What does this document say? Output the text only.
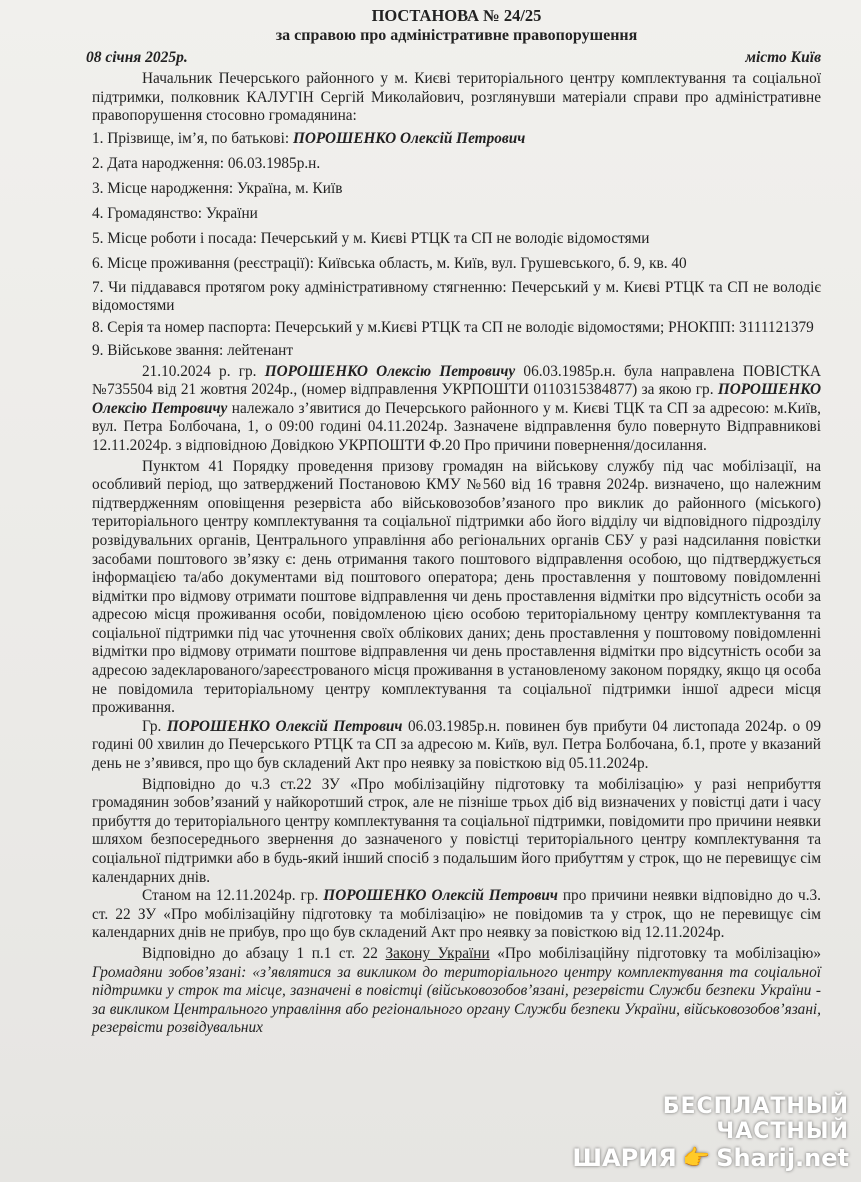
ПОСТАНОВА № 24/25

за справою про адміністративне правопорушення

08 січня 2025р.	місто Київ

Начальник Печерського районного у м. Києві територіального центру комплектування та соціальної підтримки, полковник КАЛУГІН Сергій Миколайович, розглянувши матеріали справи про адміністративне правопорушення стосовно громадянина:

1. Прізвище, ім’я, по батькові: ПОРОШЕНКО Олексій Петрович

2. Дата народження: 06.03.1985р.н.

3. Місце народження: Україна, м. Київ

4. Громадянство: України

5. Місце роботи і посада: Печерський у м. Києві РТЦК та СП не володіє відомостями

6. Місце проживання (реєстрації): Київська область, м. Київ, вул. Грушевського, б. 9, кв. 40

7. Чи піддавався протягом року адміністративному стягненню: Печерський у м. Києві РТЦК та СП не володіє відомостями

8. Серія та номер паспорта: Печерський у м.Києві РТЦК та СП не володіє відомостями; РНОКПП: 3111121379

9. Військове звання: лейтенант

21.10.2024 р. гр. ПОРОШЕНКО Олексію Петровичу 06.03.1985р.н. була направлена ПОВІСТКА №735504 від 21 жовтня 2024р., (номер відправлення УКРПОШТИ 0110315384877) за якою гр. ПОРОШЕНКО Олексію Петровичу належало з’явитися до Печерського районного у м. Києві ТЦК та СП за адресою: м.Київ, вул. Петра Болбочана, 1, о 09:00 годині 04.11.2024р. Зазначене відправлення було повернуто Відправникові 12.11.2024р. з відповідною Довідкою УКРПОШТИ Ф.20 Про причини повернення/досилання.

Пунктом 41 Порядку проведення призову громадян на військову службу під час мобілізації, на особливий період, що затверджений Постановою КМУ №560 від 16 травня 2024р. визначено, що належним підтвердженням оповіщення резервіста або військовозобов’язаного про виклик до районного (міського) територіального центру комплектування та соціальної підтримки або його відділу чи відповідного підрозділу розвідувальних органів, Центрального управління або регіональних органів СБУ у разі надсилання повістки засобами поштового зв’язку є: день отримання такого поштового відправлення особою, що підтверджується інформацією та/або документами від поштового оператора; день проставлення у поштовому повідомленні відмітки про відмову отримати поштове відправлення чи день проставлення відмітки про відсутність особи за адресою місця проживання особи, повідомленою цією особою територіальному центру комплектування та соціальної підтримки під час уточнення своїх облікових даних; день проставлення у поштовому повідомленні відмітки про відмову отримати поштове відправлення чи день проставлення відмітки про відсутність особи за адресою задекларованого/зареєстрованого місця проживання в установленому законом порядку, якщо ця особа не повідомила територіальному центру комплектування та соціальної підтримки іншої адреси місця проживання.

Гр. ПОРОШЕНКО Олексій Петрович 06.03.1985р.н. повинен був прибути 04 листопада 2024р. о 09 годині 00 хвилин до Печерського РТЦК та СП за адресою м. Київ, вул. Петра Болбочана, б.1, проте у вказаний день не з’явився, про що був складений Акт про неявку за повісткою від 05.11.2024р.

Відповідно до ч.3 ст.22 ЗУ «Про мобілізаційну підготовку та мобілізацію» у разі неприбуття громадянин зобов’язаний у найкоротший строк, але не пізніше трьох діб від визначених у повістці дати і часу прибуття до територіального центру комплектування та соціальної підтримки, повідомити про причини неявки шляхом безпосереднього звернення до зазначеного у повістці територіального центру комплектування та соціальної підтримки або в будь-який інший спосіб з подальшим його прибуттям у строк, що не перевищує сім календарних днів.

Станом на 12.11.2024р. гр. ПОРОШЕНКО Олексій Петрович про причини неявки відповідно до ч.3. ст. 22 ЗУ «Про мобілізаційну підготовку та мобілізацію» не повідомив та у строк, що не перевищує сім календарних днів не прибув, про що був складений Акт про неявку за повісткою від 12.11.2024р.

Відповідно до абзацу 1 п.1 ст. 22 Закону України «Про мобілізаційну підготовку та мобілізацію» Громадяни зобов’язані: «з’являтися за викликом до територіального центру комплектування та соціальної підтримки у строк та місце, зазначені в повістці (військовозобов’язані, резервісти Служби безпеки України - за викликом Центрального управління або регіонального органу Служби безпеки України, військовозобов’язані, резервісти розвідувальних

БЕСПЛАТНЫЙ ЧАСТНЫЙ
ШАРИЯ 👉 Sharij.net
